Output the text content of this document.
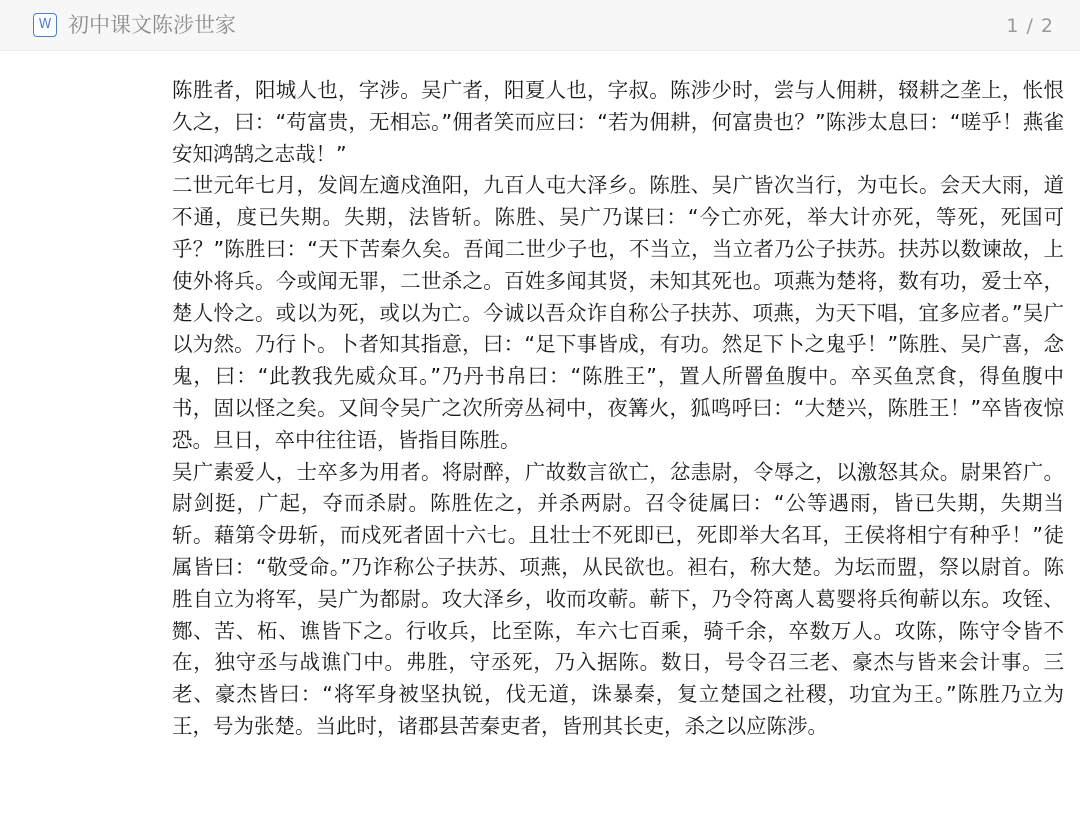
W 初中课文陈涉世家	1 / 2

陈胜者，阳城人也，字涉。吴广者，阳夏人也，字叔。陈涉少时，尝与人佣耕，辍耕之垄上，怅恨久之，曰：“苟富贵，无相忘。”佣者笑而应曰：“若为佣耕，何富贵也？”陈涉太息曰：“嗟乎！燕雀安知鸿鹄之志哉！”

二世元年七月，发闾左適戍渔阳，九百人屯大泽乡。陈胜、吴广皆次当行，为屯长。会天大雨，道不通，度已失期。失期，法皆斩。陈胜、吴广乃谋曰：“今亡亦死，举大计亦死，等死，死国可乎？”陈胜曰：“天下苦秦久矣。吾闻二世少子也，不当立，当立者乃公子扶苏。扶苏以数谏故，上使外将兵。今或闻无罪，二世杀之。百姓多闻其贤，未知其死也。项燕为楚将，数有功，爱士卒，楚人怜之。或以为死，或以为亡。今诚以吾众诈自称公子扶苏、项燕，为天下唱，宜多应者。”吴广以为然。乃行卜。卜者知其指意，曰：“足下事皆成，有功。然足下卜之鬼乎！”陈胜、吴广喜，念鬼，曰：“此教我先威众耳。”乃丹书帛曰：“陈胜王”，置人所罾鱼腹中。卒买鱼烹食，得鱼腹中书，固以怪之矣。又间令吴广之次所旁丛祠中，夜篝火，狐鸣呼曰：“大楚兴，陈胜王！”卒皆夜惊恐。旦日，卒中往往语，皆指目陈胜。

吴广素爱人，士卒多为用者。将尉醉，广故数言欲亡，忿恚尉，令辱之，以激怒其众。尉果笞广。尉剑挺，广起，夺而杀尉。陈胜佐之，并杀两尉。召令徒属曰：“公等遇雨，皆已失期，失期当斩。藉第令毋斩，而戍死者固十六七。且壮士不死即已，死即举大名耳，王侯将相宁有种乎！”徒属皆曰：“敬受命。”乃诈称公子扶苏、项燕，从民欲也。袒右，称大楚。为坛而盟，祭以尉首。陈胜自立为将军，吴广为都尉。攻大泽乡，收而攻蕲。蕲下，乃令符离人葛婴将兵徇蕲以东。攻铚、酂、苦、柘、谯皆下之。行收兵，比至陈，车六七百乘，骑千余，卒数万人。攻陈，陈守令皆不在，独守丞与战谯门中。弗胜，守丞死，乃入据陈。数日，号令召三老、豪杰与皆来会计事。三老、豪杰皆曰：“将军身被坚执锐，伐无道，诛暴秦，复立楚国之社稷，功宜为王。”陈胜乃立为王，号为张楚。当此时，诸郡县苦秦吏者，皆刑其长吏，杀之以应陈涉。
